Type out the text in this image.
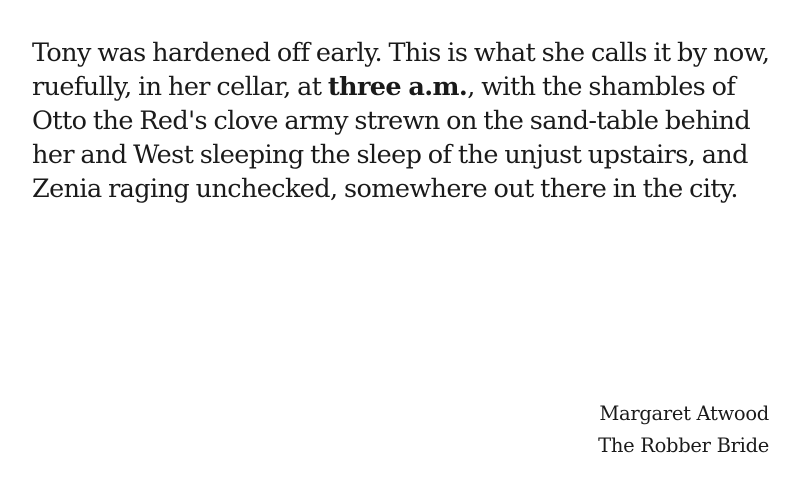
Tony was hardened off early. This is what she calls it by now, ruefully, in her cellar, at three a.m., with the shambles of Otto the Red's clove army strewn on the sand-table behind her and West sleeping the sleep of the unjust upstairs, and Zenia raging unchecked, somewhere out there in the city.

Margaret Atwood
The Robber Bride
